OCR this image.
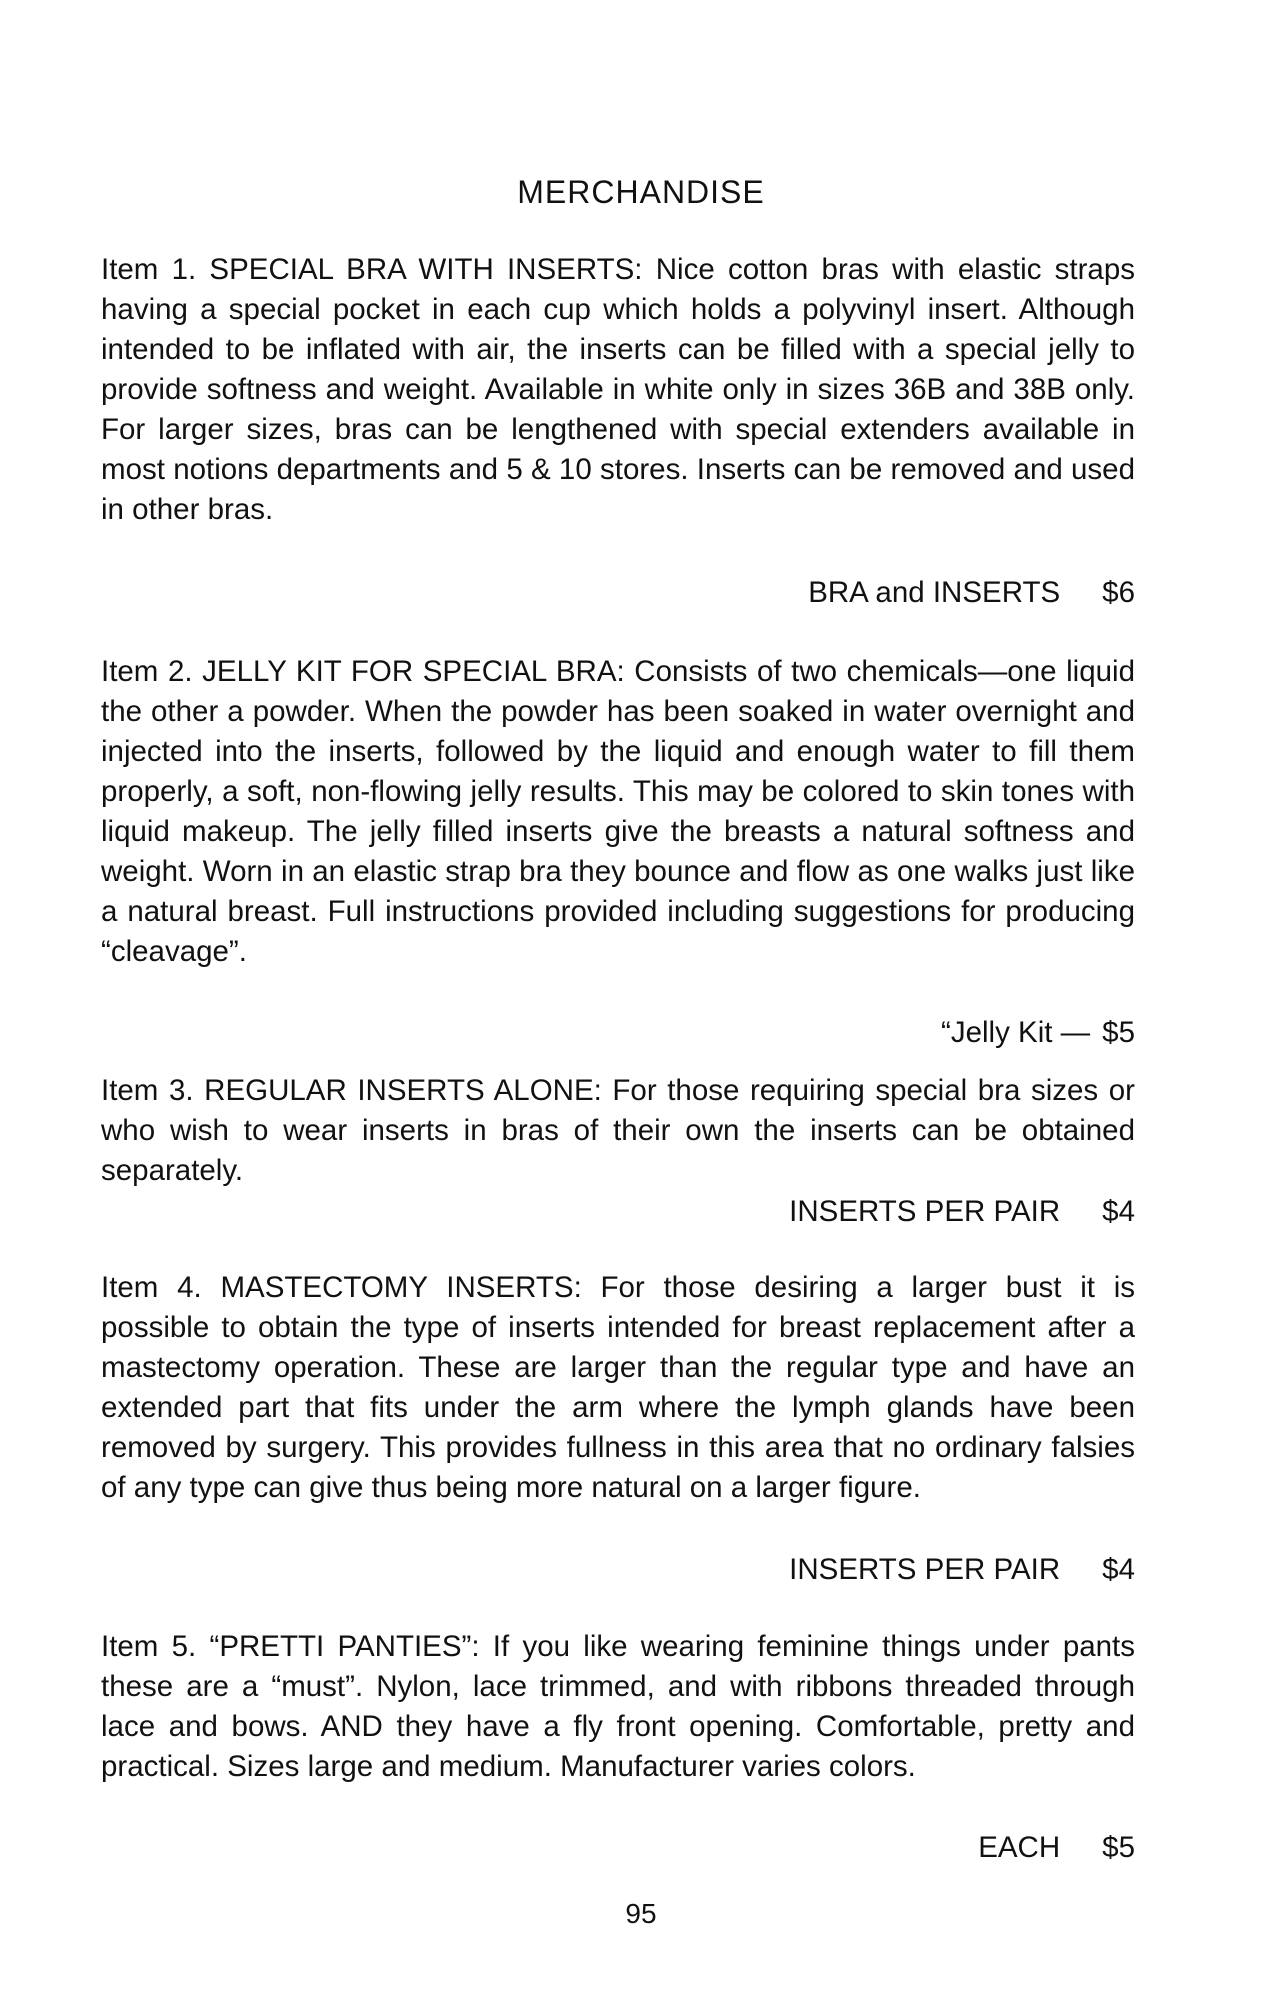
MERCHANDISE
Item 1. SPECIAL BRA WITH INSERTS: Nice cotton bras with elastic straps having a special pocket in each cup which holds a polyvinyl insert. Although intended to be inflated with air, the inserts can be filled with a special jelly to provide softness and weight. Available in white only in sizes 36B and 38B only. For larger sizes, bras can be lengthened with special extenders available in most notions departments and 5 & 10 stores. Inserts can be removed and used in other bras.
BRA and INSERTS $6
Item 2. JELLY KIT FOR SPECIAL BRA: Consists of two chemicals—one liquid the other a powder. When the powder has been soaked in water overnight and injected into the inserts, followed by the liquid and enough water to fill them properly, a soft, non-flowing jelly results. This may be colored to skin tones with liquid makeup. The jelly filled inserts give the breasts a natural softness and weight. Worn in an elastic strap bra they bounce and flow as one walks just like a natural breast. Full instructions provided including suggestions for producing “cleavage”.
“Jelly Kit — $5
Item 3. REGULAR INSERTS ALONE: For those requiring special bra sizes or who wish to wear inserts in bras of their own the inserts can be obtained separately.
INSERTS PER PAIR $4
Item 4. MASTECTOMY INSERTS: For those desiring a larger bust it is possible to obtain the type of inserts intended for breast replacement after a mastectomy operation. These are larger than the regular type and have an extended part that fits under the arm where the lymph glands have been removed by surgery. This provides fullness in this area that no ordinary falsies of any type can give thus being more natural on a larger figure.
INSERTS PER PAIR $4
Item 5. “PRETTI PANTIES”: If you like wearing feminine things under pants these are a “must”. Nylon, lace trimmed, and with ribbons threaded through lace and bows. AND they have a fly front opening. Comfortable, pretty and practical. Sizes large and medium. Manufacturer varies colors.
EACH $5
95
